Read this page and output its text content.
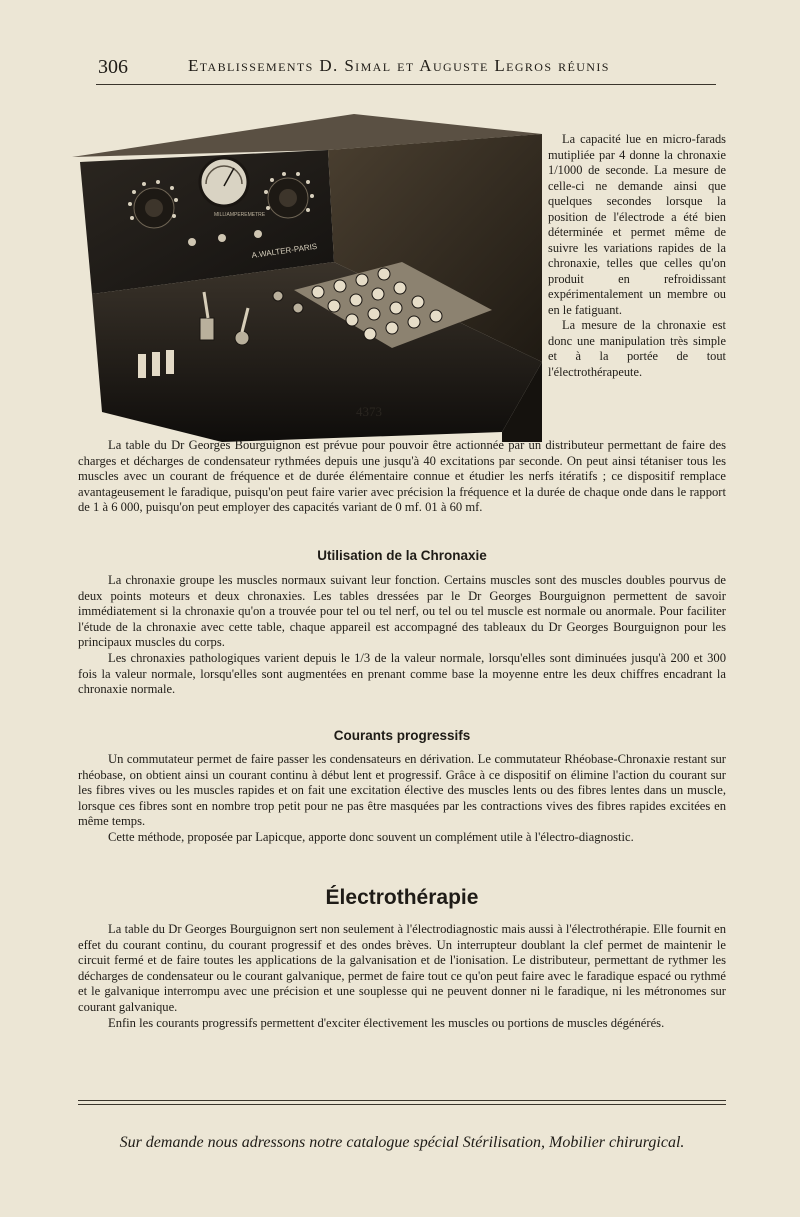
306	Etablissements D. Simal et Auguste Legros réunis
A.WALTER-PARIS
MILLIAMPEREMETRE
4373

La capacité lue en micro-farads mutipliée par 4 donne la chronaxie 1/1000 de seconde. La mesure de celle-ci ne demande ainsi que quelques secondes lorsque la position de l'électrode a été bien déterminée et permet même de suivre les variations rapides de la chronaxie, telles que celles qu'on produit en refroidissant expérimentalement un membre ou en le fatiguant.

La mesure de la chronaxie est donc une manipulation très simple et à la portée de tout l'électrothérapeute.

La table du Dr Georges Bourguignon est prévue pour pouvoir être actionnée par un distributeur permettant de faire des charges et décharges de condensateur rythmées depuis une jusqu'à 40 excitations par seconde. On peut ainsi tétaniser tous les muscles avec un courant de fréquence et de durée élémentaire connue et étudier les nerfs itératifs ; ce dispositif remplace avantageusement le faradique, puisqu'on peut faire varier avec précision la fréquence et la durée de chaque onde dans le rapport de 1 à 6 000, puisqu'on peut employer des capacités variant de 0 mf. 01 à 60 mf.

Utilisation de la Chronaxie

La chronaxie groupe les muscles normaux suivant leur fonction. Certains muscles sont des muscles doubles pourvus de deux points moteurs et deux chronaxies. Les tables dressées par le Dr Georges Bourguignon permettent de savoir immédiatement si la chronaxie qu'on a trouvée pour tel ou tel nerf, ou tel ou tel muscle est normale ou anormale. Pour faciliter l'étude de la chronaxie avec cette table, chaque appareil est accompagné des tableaux du Dr Georges Bourguignon pour les principaux muscles du corps.

Les chronaxies pathologiques varient depuis le 1/3 de la valeur normale, lorsqu'elles sont diminuées jusqu'à 200 et 300 fois la valeur normale, lorsqu'elles sont augmentées en prenant comme base la moyenne entre les deux chiffres encadrant la chronaxie normale.

Courants progressifs

Un commutateur permet de faire passer les condensateurs en dérivation. Le commutateur Rhéobase-Chronaxie restant sur rhéobase, on obtient ainsi un courant continu à début lent et progressif. Grâce à ce dispositif on élimine l'action du courant sur les fibres vives ou les muscles rapides et on fait une excitation élective des muscles lents ou des fibres lentes dans un muscle, lorsque ces fibres sont en nombre trop petit pour ne pas être masquées par les contractions vives des fibres rapides excitées en même temps.

Cette méthode, proposée par Lapicque, apporte donc souvent un complément utile à l'électro-diagnostic.

Électrothérapie

La table du Dr Georges Bourguignon sert non seulement à l'électrodiagnostic mais aussi à l'électrothérapie. Elle fournit en effet du courant continu, du courant progressif et des ondes brèves. Un interrupteur doublant la clef permet de maintenir le circuit fermé et de faire toutes les applications de la galvanisation et de l'ionisation. Le distributeur, permettant de rythmer les décharges de condensateur ou le courant galvanique, permet de faire tout ce qu'on peut faire avec le faradique espacé ou rythmé et le galvanique interrompu avec une précision et une souplesse qui ne peuvent donner ni le faradique, ni les métronomes sur courant galvanique.

Enfin les courants progressifs permettent d'exciter électivement les muscles ou portions de muscles dégénérés.

Sur demande nous adressons notre catalogue spécial Stérilisation, Mobilier chirurgical.
